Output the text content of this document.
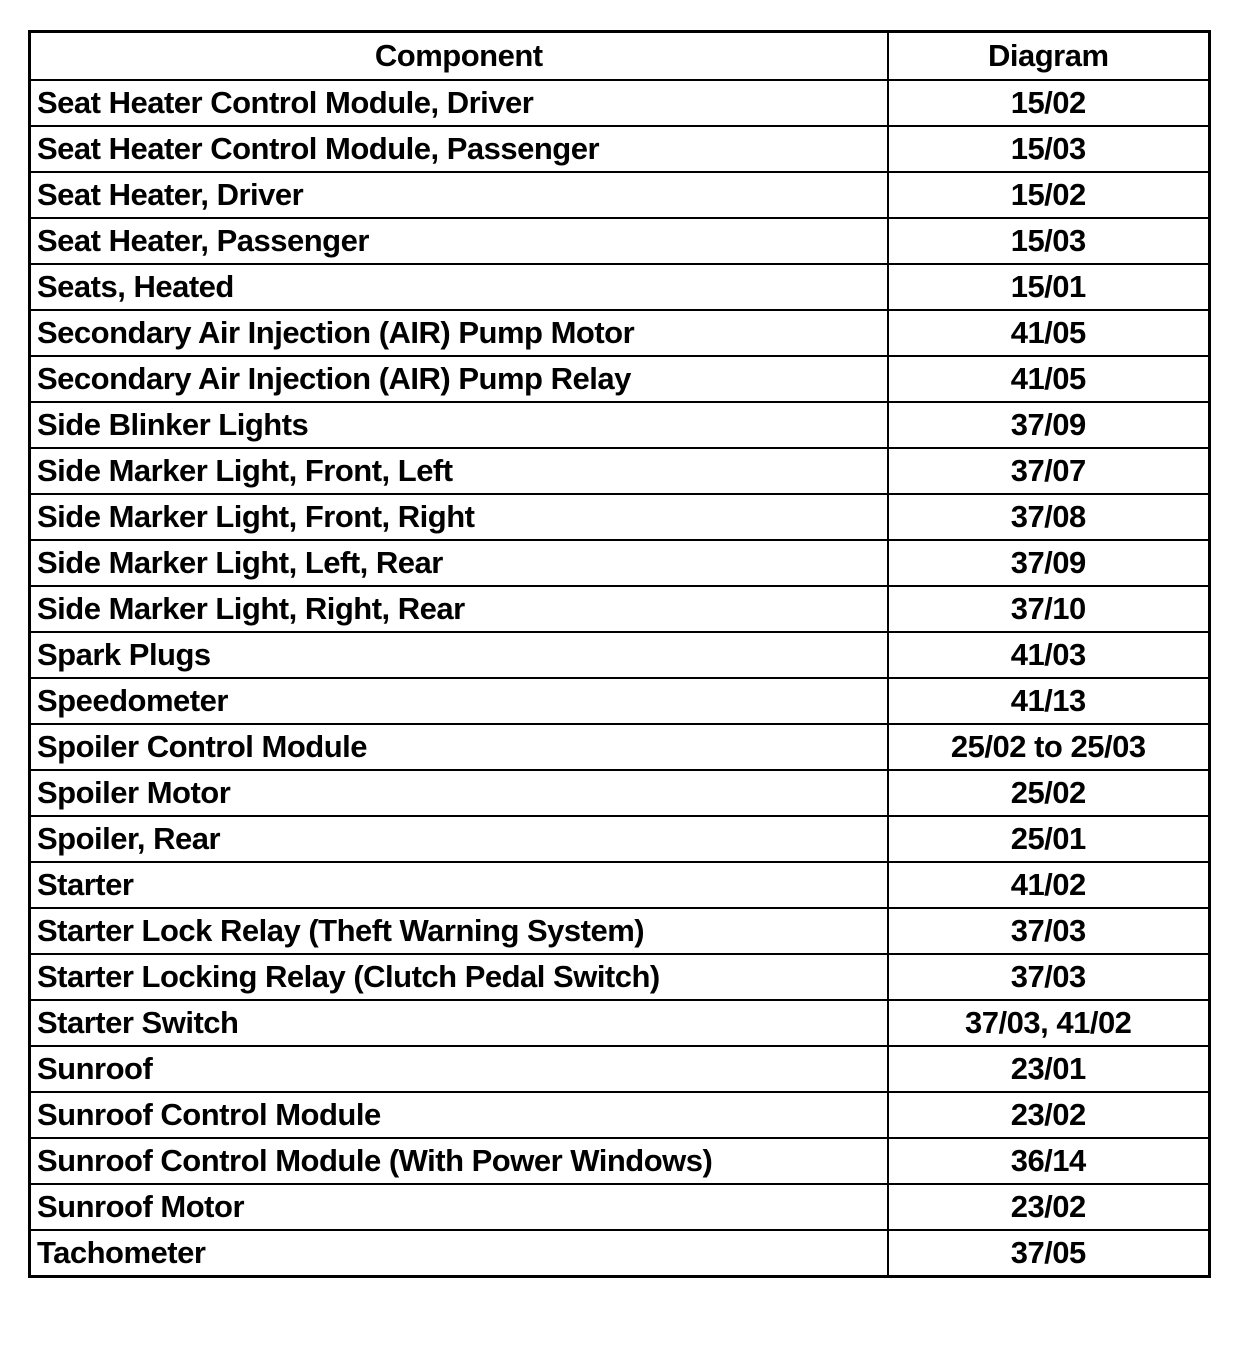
Component	Diagram
Seat Heater Control Module, Driver	15/02
Seat Heater Control Module, Passenger	15/03
Seat Heater, Driver	15/02
Seat Heater, Passenger	15/03
Seats, Heated	15/01
Secondary Air Injection (AIR) Pump Motor	41/05
Secondary Air Injection (AIR) Pump Relay	41/05
Side Blinker Lights	37/09
Side Marker Light, Front, Left	37/07
Side Marker Light, Front, Right	37/08
Side Marker Light, Left, Rear	37/09
Side Marker Light, Right, Rear	37/10
Spark Plugs	41/03
Speedometer	41/13
Spoiler Control Module	25/02 to 25/03
Spoiler Motor	25/02
Spoiler, Rear	25/01
Starter	41/02
Starter Lock Relay (Theft Warning System)	37/03
Starter Locking Relay (Clutch Pedal Switch)	37/03
Starter Switch	37/03, 41/02
Sunroof	23/01
Sunroof Control Module	23/02
Sunroof Control Module (With Power Windows)	36/14
Sunroof Motor	23/02
Tachometer	37/05
